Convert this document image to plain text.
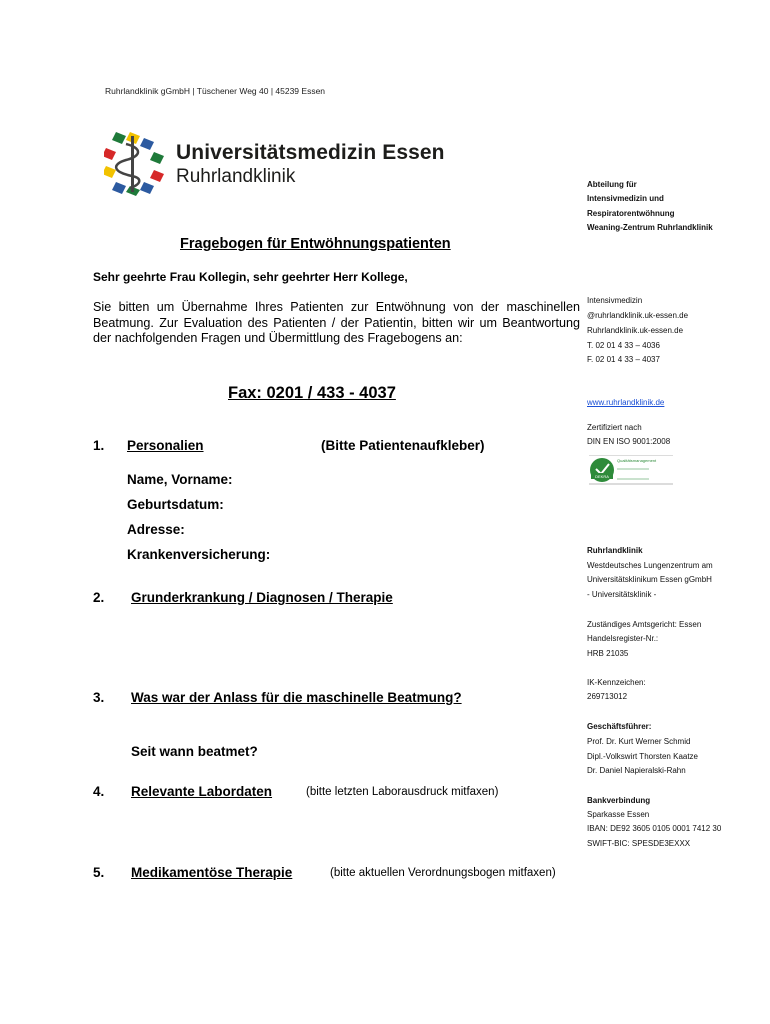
Ruhrlandklinik gGmbH | Tüschener Weg 40 | 45239 Essen
Universitätsmedizin Essen
Ruhrlandklinik	Abteilung für
Intensivmedizin und
Respiratorentwöhnung
Weaning-Zentrum Ruhrlandklinik
Intensivmedizin
@ruhrlandklinik.uk-essen.de
Ruhrlandklinik.uk-essen.de
T. 02 01 4 33 – 4036
F. 02 01 4 33 – 4037
www.ruhrlandklinik.de
Zertifiziert nach
DIN EN ISO 9001:2008
DEKRA
Qualitätsmanagement
Ruhrlandklinik
Westdeutsches Lungenzentrum am
Universitätsklinikum Essen gGmbH
- Universitätsklinik -
Zuständiges Amtsgericht: Essen
Handelsregister-Nr.:
HRB 21035
IK-Kennzeichen:
269713012
Geschäftsführer:
Prof. Dr. Kurt Werner Schmid
Dipl.-Volkswirt Thorsten Kaatze
Dr. Daniel Napieralski-Rahn
Bankverbindung
Sparkasse Essen
IBAN: DE92 3605 0105 0001 7412 30
SWIFT-BIC: SPESDE3EXXX
Fragebogen für Entwöhnungspatienten
Sehr geehrte Frau Kollegin, sehr geehrter Herr Kollege,
Sie bitten um Übernahme Ihres Patienten zur Entwöhnung von der maschinellen Beatmung. Zur Evaluation des Patienten / der Patientin, bitten wir um Beantwortung der nachfolgenden Fragen und Übermittlung des Fragebogens an:
Fax: 0201 / 433 - 4037
1. Personalien	(Bitte Patientenaufkleber)
Name, Vorname:
Geburtsdatum:
Adresse:
Krankenversicherung:
2. Grunderkrankung / Diagnosen / Therapie
3. Was war der Anlass für die maschinelle Beatmung?
Seit wann beatmet?
4. Relevante Labordaten	(bitte letzten Laborausdruck mitfaxen)
5. Medikamentöse Therapie	(bitte aktuellen Verordnungsbogen mitfaxen)
